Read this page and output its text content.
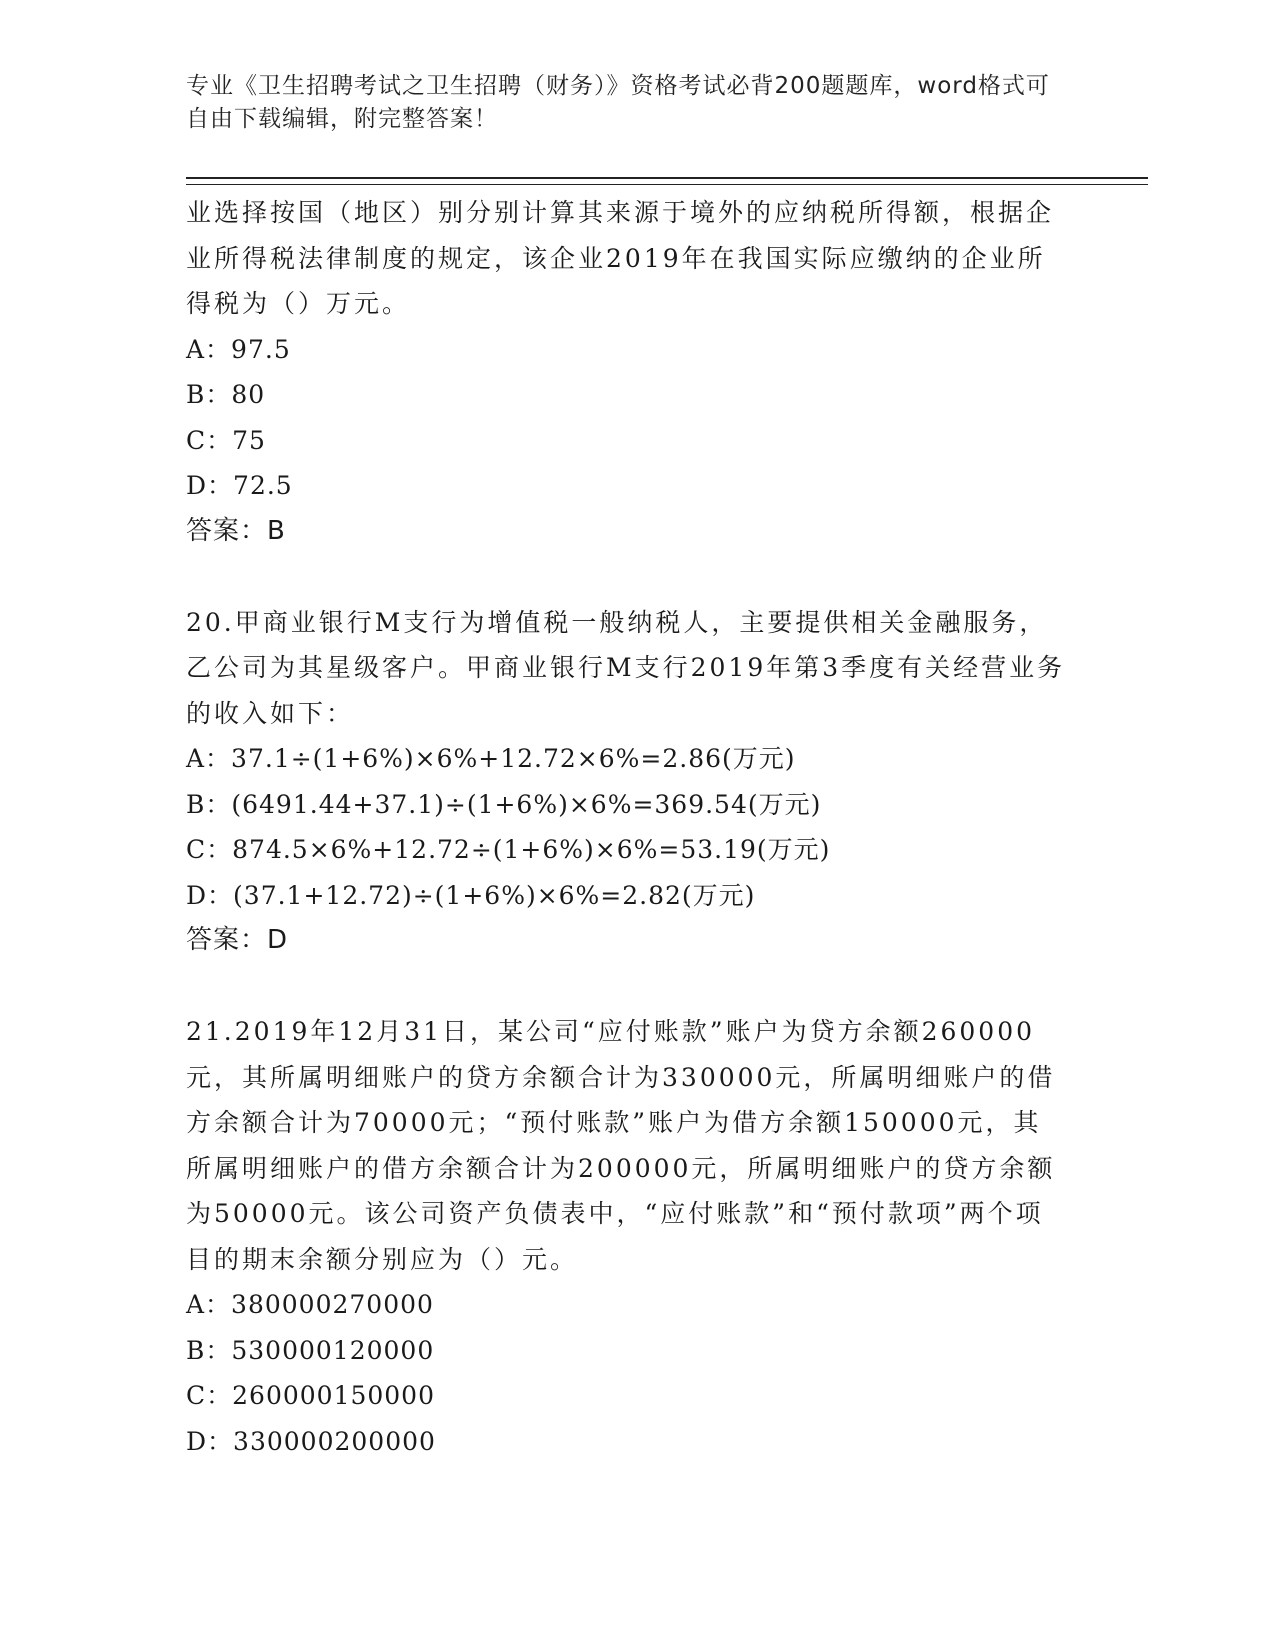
专业《卫生招聘考试之卫生招聘（财务）》资格考试必背200题题库，word格式可自由下载编辑，附完整答案！

业选择按国（地区）别分别计算其来源于境外的应纳税所得额，根据企业所得税法律制度的规定，该企业2019年在我国实际应缴纳的企业所得税为（）万元。

A：97.5

B：80

C：75

D：72.5

答案：B

20.甲商业银行M支行为增值税一般纳税人，主要提供相关金融服务，乙公司为其星级客户。甲商业银行M支行2019年第3季度有关经营业务的收入如下：

A：37.1÷(1+6%)×6%+12.72×6%=2.86(万元)

B：(6491.44+37.1)÷(1+6%)×6%=369.54(万元)

C：874.5×6%+12.72÷(1+6%)×6%=53.19(万元)

D：(37.1+12.72)÷(1+6%)×6%=2.82(万元)

答案：D

21.2019年12月31日，某公司“应付账款”账户为贷方余额260000元，其所属明细账户的贷方余额合计为330000元，所属明细账户的借方余额合计为70000元；“预付账款”账户为借方余额150000元，其所属明细账户的借方余额合计为200000元，所属明细账户的贷方余额为50000元。该公司资产负债表中，“应付账款”和“预付款项”两个项目的期末余额分别应为（）元。

A：380000270000

B：530000120000

C：260000150000

D：330000200000
